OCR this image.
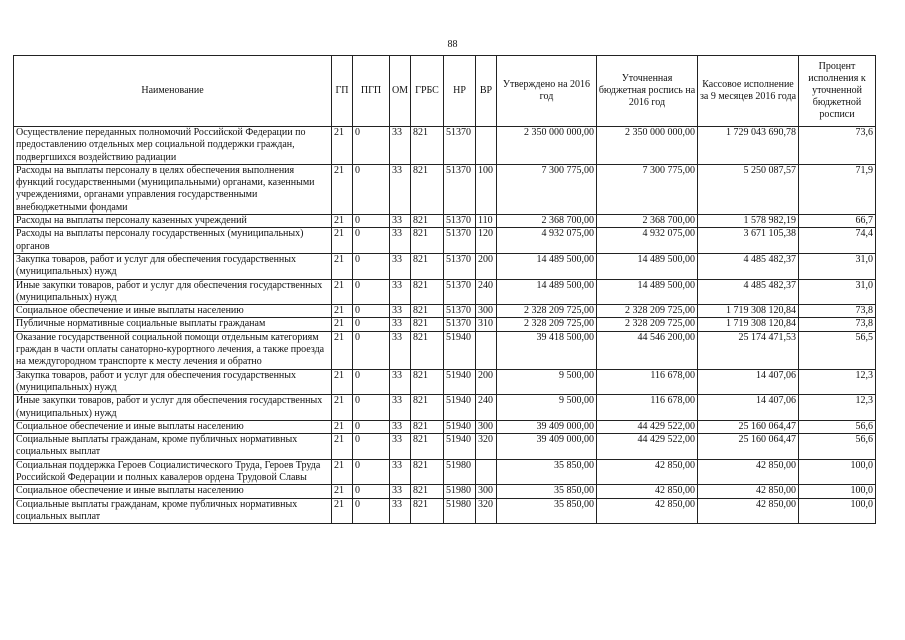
88
Наименование	ГП	ПГП	ОМ	ГРБС	НР	ВР	Утверждено на 2016 год	Уточненная бюджетная роспись на 2016 год	Кассовое исполнение за 9 месяцев 2016 года	Процент исполнения к уточненной бюджетной росписи
Осуществление переданных полномочий Российской Федерации по предоставлению отдельных мер социальной поддержки граждан, подвергшихся воздействию радиации	21	0	33	821	51370		2 350 000 000,00	2 350 000 000,00	1 729 043 690,78	73,6
Расходы на выплаты персоналу в целях обеспечения выполнения функций государственными (муниципальными) органами, казенными учреждениями, органами управления государственными внебюджетными фондами	21	0	33	821	51370	100	7 300 775,00	7 300 775,00	5 250 087,57	71,9
Расходы на выплаты персоналу казенных учреждений	21	0	33	821	51370	110	2 368 700,00	2 368 700,00	1 578 982,19	66,7
Расходы на выплаты персоналу государственных (муниципальных) органов	21	0	33	821	51370	120	4 932 075,00	4 932 075,00	3 671 105,38	74,4
Закупка товаров, работ и услуг для обеспечения государственных (муниципальных) нужд	21	0	33	821	51370	200	14 489 500,00	14 489 500,00	4 485 482,37	31,0
Иные закупки товаров, работ и услуг для обеспечения государственных (муниципальных) нужд	21	0	33	821	51370	240	14 489 500,00	14 489 500,00	4 485 482,37	31,0
Социальное обеспечение и иные выплаты населению	21	0	33	821	51370	300	2 328 209 725,00	2 328 209 725,00	1 719 308 120,84	73,8
Публичные нормативные социальные выплаты гражданам	21	0	33	821	51370	310	2 328 209 725,00	2 328 209 725,00	1 719 308 120,84	73,8
Оказание государственной социальной помощи отдельным категориям граждан в части оплаты санаторно-курортного лечения, а также проезда на междугородном транспорте к месту лечения и обратно	21	0	33	821	51940		39 418 500,00	44 546 200,00	25 174 471,53	56,5
Закупка товаров, работ и услуг для обеспечения государственных (муниципальных) нужд	21	0	33	821	51940	200	9 500,00	116 678,00	14 407,06	12,3
Иные закупки товаров, работ и услуг для обеспечения государственных (муниципальных) нужд	21	0	33	821	51940	240	9 500,00	116 678,00	14 407,06	12,3
Социальное обеспечение и иные выплаты населению	21	0	33	821	51940	300	39 409 000,00	44 429 522,00	25 160 064,47	56,6
Социальные выплаты гражданам, кроме публичных нормативных социальных выплат	21	0	33	821	51940	320	39 409 000,00	44 429 522,00	25 160 064,47	56,6
Социальная поддержка Героев Социалистического Труда, Героев Труда Российской Федерации и полных кавалеров ордена Трудовой Славы	21	0	33	821	51980		35 850,00	42 850,00	42 850,00	100,0
Социальное обеспечение и иные выплаты населению	21	0	33	821	51980	300	35 850,00	42 850,00	42 850,00	100,0
Социальные выплаты гражданам, кроме публичных нормативных социальных выплат	21	0	33	821	51980	320	35 850,00	42 850,00	42 850,00	100,0
